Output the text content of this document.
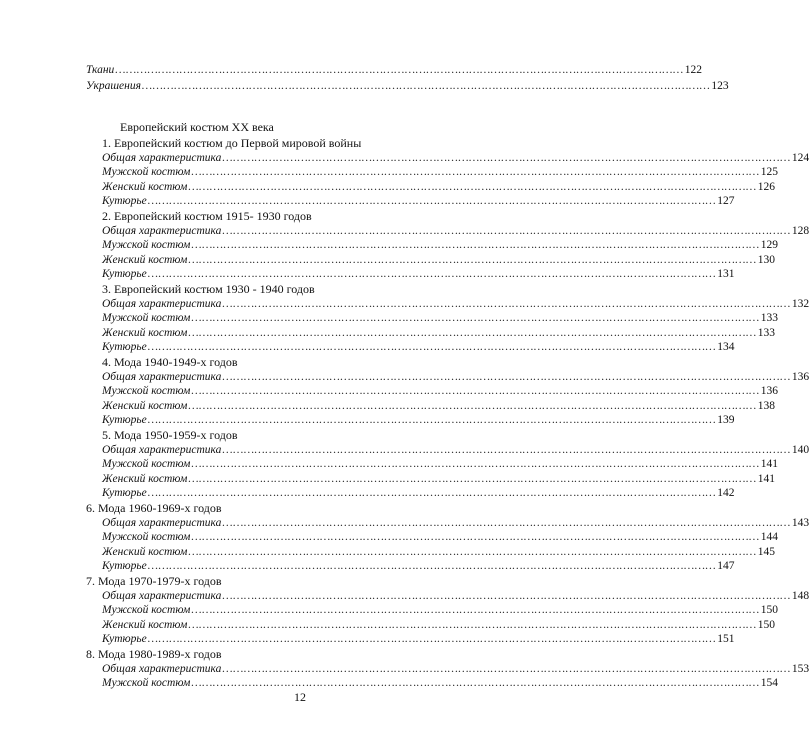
Ткани …………………………………………………………………………………………………………………………………………… 122
Украшения …………………………………………………………………………………………………………………………………………… 123
Европейский костюм XX века
1. Европейский костюм до Первой мировой войны
Общая характеристика …………………………………………………………………………………………………………………………………………… 124
Мужской костюм …………………………………………………………………………………………………………………………………………… 125
Женский костюм …………………………………………………………………………………………………………………………………………… 126
Кутюрье …………………………………………………………………………………………………………………………………………… 127
2. Европейский костюм 1915- 1930 годов
Общая характеристика …………………………………………………………………………………………………………………………………………… 128
Мужской костюм …………………………………………………………………………………………………………………………………………… 129
Женский костюм …………………………………………………………………………………………………………………………………………… 130
Кутюрье …………………………………………………………………………………………………………………………………………… 131
3. Европейский костюм 1930 - 1940 годов
Общая характеристика …………………………………………………………………………………………………………………………………………… 132
Мужской костюм …………………………………………………………………………………………………………………………………………… 133
Женский костюм …………………………………………………………………………………………………………………………………………… 133
Кутюрье …………………………………………………………………………………………………………………………………………… 134
4. Мода 1940-1949-х годов
Общая характеристика …………………………………………………………………………………………………………………………………………… 136
Мужской костюм …………………………………………………………………………………………………………………………………………… 136
Женский костюм …………………………………………………………………………………………………………………………………………… 138
Кутюрье …………………………………………………………………………………………………………………………………………… 139
5. Мода 1950-1959-х годов
Общая характеристика …………………………………………………………………………………………………………………………………………… 140
Мужской костюм …………………………………………………………………………………………………………………………………………… 141
Женский костюм …………………………………………………………………………………………………………………………………………… 141
Кутюрье …………………………………………………………………………………………………………………………………………… 142
6. Мода 1960-1969-х годов
Общая характеристика …………………………………………………………………………………………………………………………………………… 143
Мужской костюм …………………………………………………………………………………………………………………………………………… 144
Женский костюм …………………………………………………………………………………………………………………………………………… 145
Кутюрье …………………………………………………………………………………………………………………………………………… 147
7. Мода 1970-1979-х годов
Общая характеристика …………………………………………………………………………………………………………………………………………… 148
Мужской костюм …………………………………………………………………………………………………………………………………………… 150
Женский костюм …………………………………………………………………………………………………………………………………………… 150
Кутюрье …………………………………………………………………………………………………………………………………………… 151
8. Мода 1980-1989-х годов
Общая характеристика …………………………………………………………………………………………………………………………………………… 153
Мужской костюм …………………………………………………………………………………………………………………………………………… 154
12
